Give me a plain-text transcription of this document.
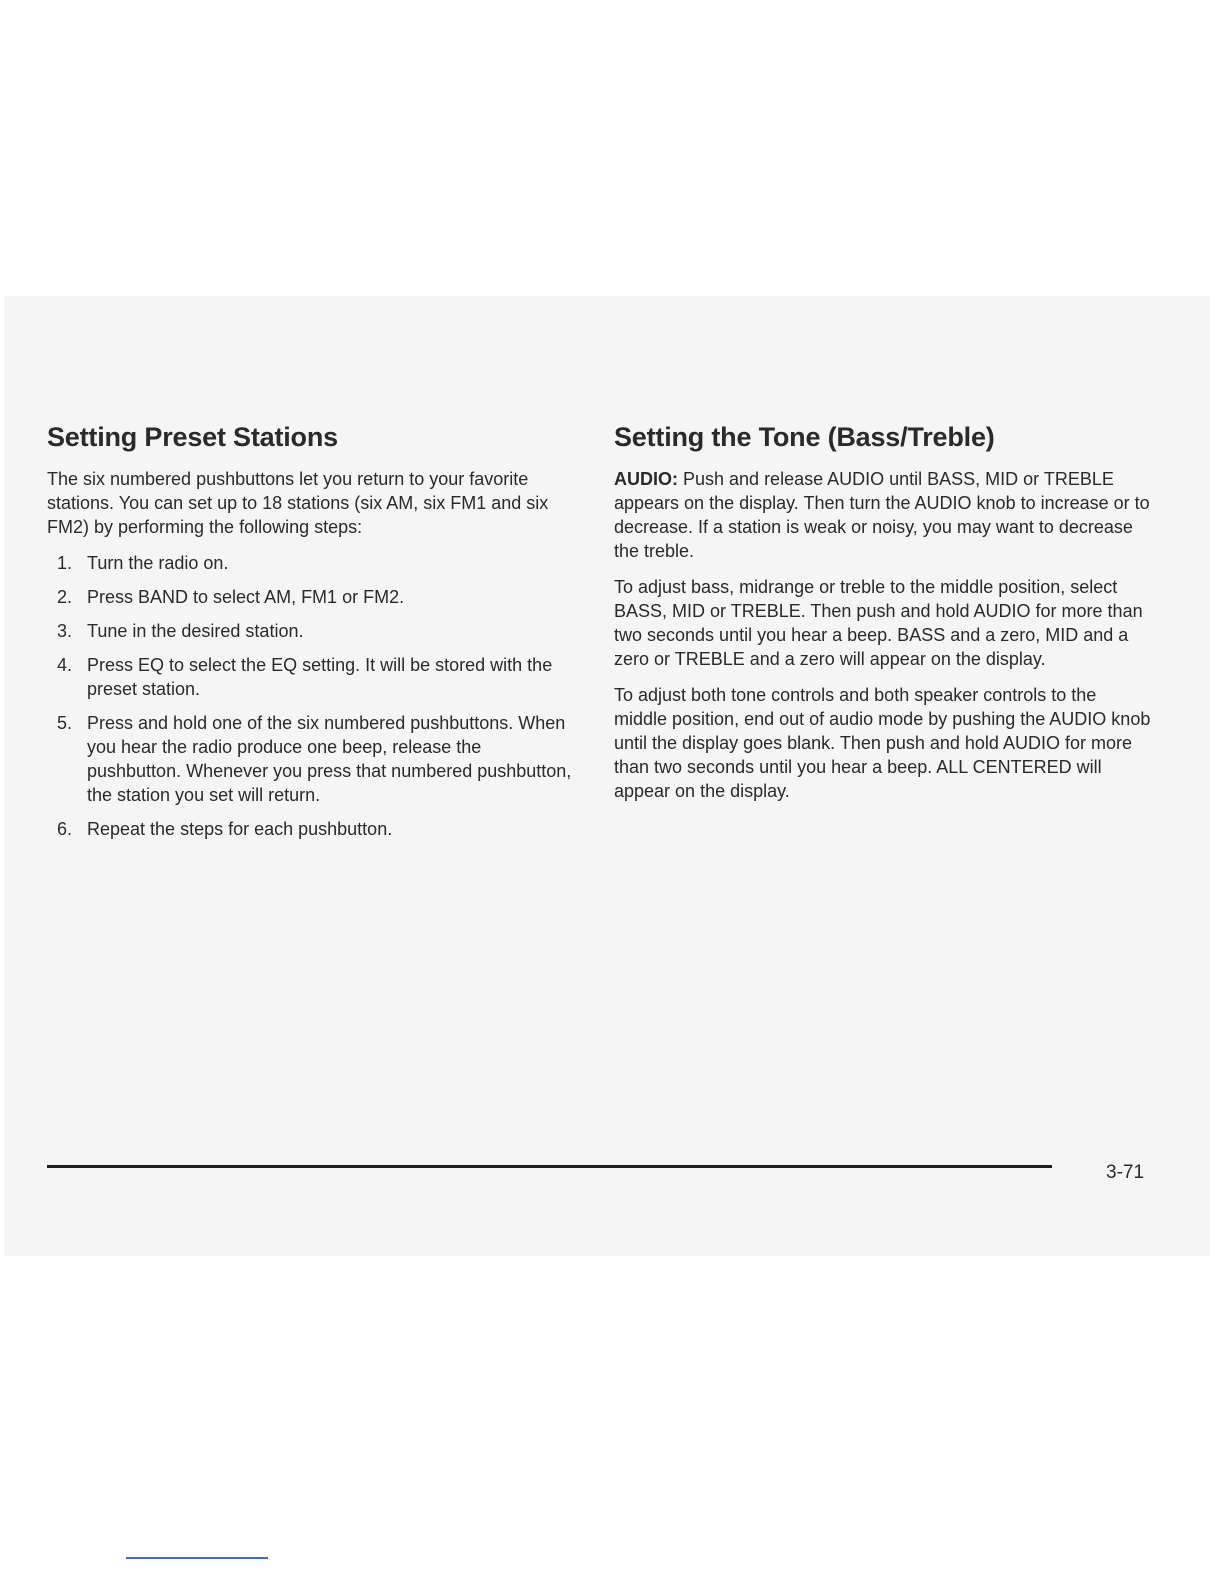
Setting Preset Stations

The six numbered pushbuttons let you return to your favorite stations. You can set up to 18 stations (six AM, six FM1 and six FM2) by performing the following steps:

1. Turn the radio on.
2. Press BAND to select AM, FM1 or FM2.
3. Tune in the desired station.
4. Press EQ to select the EQ setting. It will be stored with the preset station.
5. Press and hold one of the six numbered pushbuttons. When you hear the radio produce one beep, release the pushbutton. Whenever you press that numbered pushbutton, the station you set will return.
6. Repeat the steps for each pushbutton.
Setting the Tone (Bass/Treble)

AUDIO: Push and release AUDIO until BASS, MID or TREBLE appears on the display. Then turn the AUDIO knob to increase or to decrease. If a station is weak or noisy, you may want to decrease the treble.

To adjust bass, midrange or treble to the middle position, select BASS, MID or TREBLE. Then push and hold AUDIO for more than two seconds until you hear a beep. BASS and a zero, MID and a zero or TREBLE and a zero will appear on the display.

To adjust both tone controls and both speaker controls to the middle position, end out of audio mode by pushing the AUDIO knob until the display goes blank. Then push and hold AUDIO for more than two seconds until you hear a beep. ALL CENTERED will appear on the display.

3-71
